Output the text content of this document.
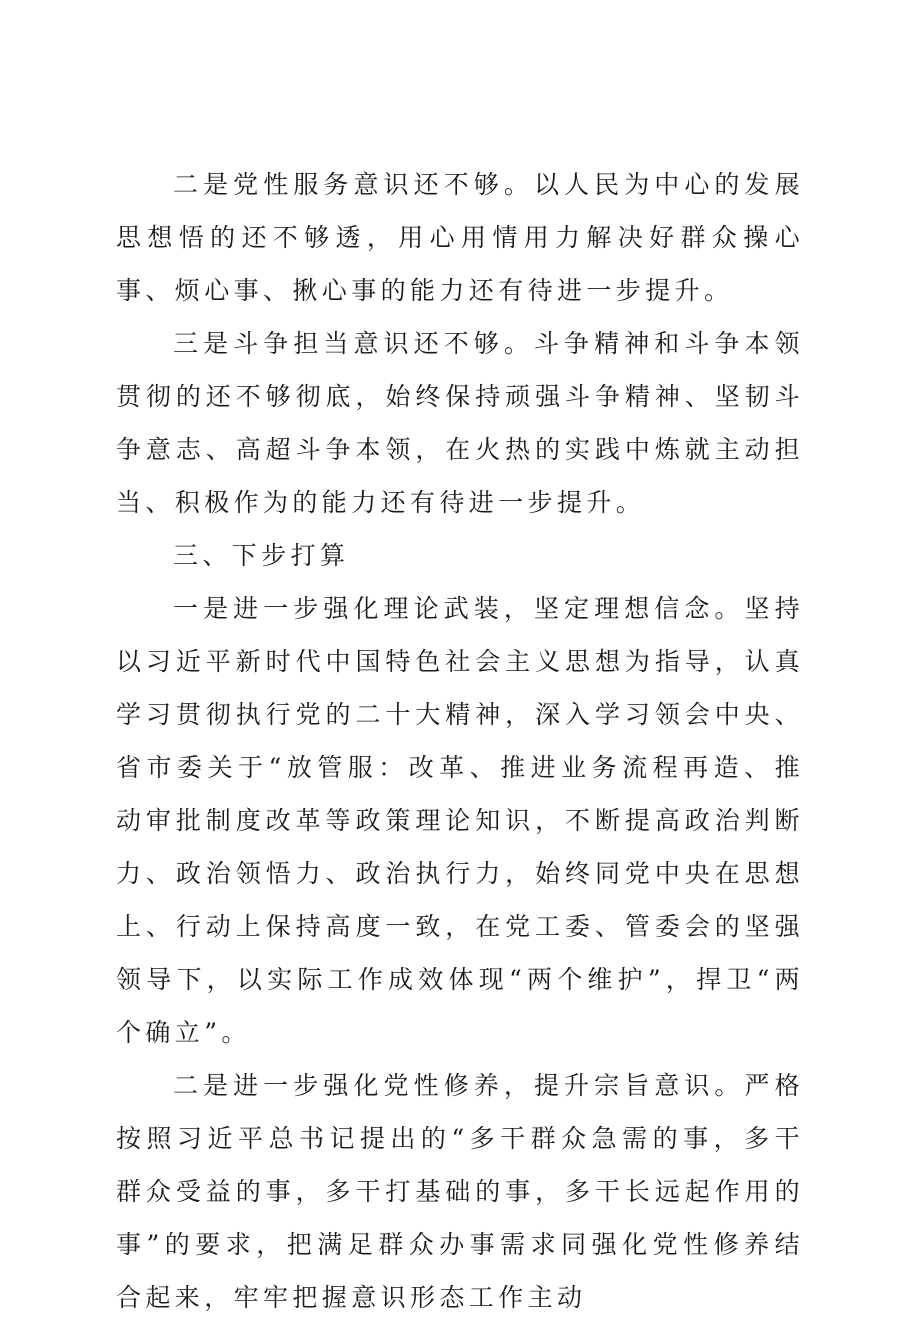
二是党性服务意识还不够。以人民为中心的发展思想悟的还不够透，用心用情用力解决好群众操心事、烦心事、揪心事的能力还有待进一步提升。

三是斗争担当意识还不够。斗争精神和斗争本领贯彻的还不够彻底，始终保持顽强斗争精神、坚韧斗争意志、高超斗争本领，在火热的实践中炼就主动担当、积极作为的能力还有待进一步提升。

三、下步打算

一是进一步强化理论武装，坚定理想信念。坚持以习近平新时代中国特色社会主义思想为指导，认真学习贯彻执行党的二十大精神，深入学习领会中央、省市委关于“放管服：改革、推进业务流程再造、推动审批制度改革等政策理论知识，不断提高政治判断力、政治领悟力、政治执行力，始终同党中央在思想上、行动上保持高度一致，在党工委、管委会的坚强领导下，以实际工作成效体现“两个维护”，捍卫“两个确立”。

二是进一步强化党性修养，提升宗旨意识。严格按照习近平总书记提出的“多干群众急需的事，多干群众受益的事，多干打基础的事，多干长远起作用的事”的要求，把满足群众办事需求同强化党性修养结合起来，牢牢把握意识形态工作主动
